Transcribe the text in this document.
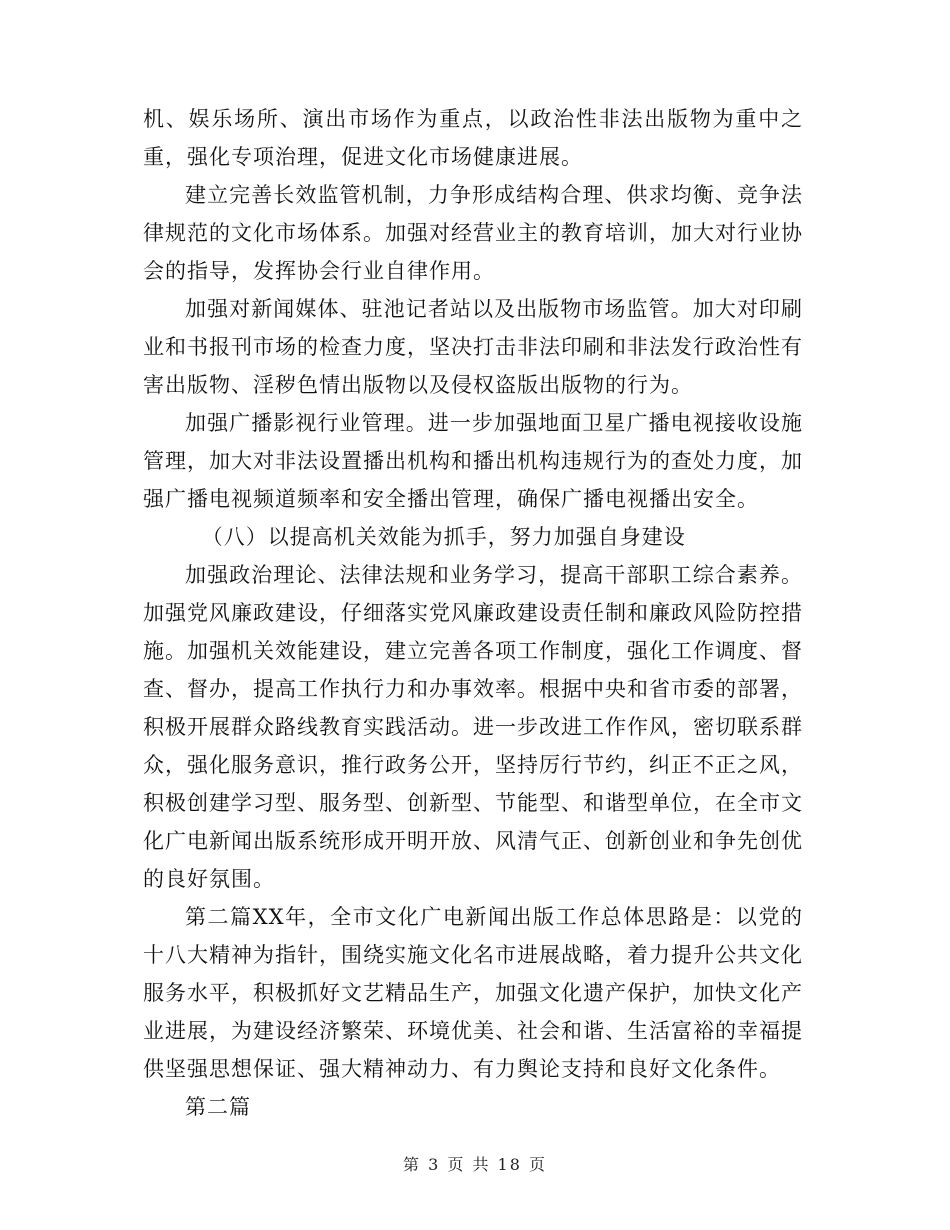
机、娱乐场所、演出市场作为重点，以政治性非法出版物为重中之重，强化专项治理，促进文化市场健康进展。

建立完善长效监管机制，力争形成结构合理、供求均衡、竞争法律规范的文化市场体系。加强对经营业主的教育培训，加大对行业协会的指导，发挥协会行业自律作用。

加强对新闻媒体、驻池记者站以及出版物市场监管。加大对印刷业和书报刊市场的检查力度，坚决打击非法印刷和非法发行政治性有害出版物、淫秽色情出版物以及侵权盗版出版物的行为。

加强广播影视行业管理。进一步加强地面卫星广播电视接收设施管理，加大对非法设置播出机构和播出机构违规行为的查处力度，加强广播电视频道频率和安全播出管理，确保广播电视播出安全。

（八）以提高机关效能为抓手，努力加强自身建设

加强政治理论、法律法规和业务学习，提高干部职工综合素养。加强党风廉政建设，仔细落实党风廉政建设责任制和廉政风险防控措施。加强机关效能建设，建立完善各项工作制度，强化工作调度、督查、督办，提高工作执行力和办事效率。根据中央和省市委的部署，积极开展群众路线教育实践活动。进一步改进工作作风，密切联系群众，强化服务意识，推行政务公开，坚持厉行节约，纠正不正之风，积极创建学习型、服务型、创新型、节能型、和谐型单位，在全市文化广电新闻出版系统形成开明开放、风清气正、创新创业和争先创优的良好氛围。

第二篇XX年，全市文化广电新闻出版工作总体思路是：以党的十八大精神为指针，围绕实施文化名市进展战略，着力提升公共文化服务水平，积极抓好文艺精品生产，加强文化遗产保护，加快文化产业进展，为建设经济繁荣、环境优美、社会和谐、生活富裕的幸福提供坚强思想保证、强大精神动力、有力舆论支持和良好文化条件。

第二篇

第 3 页 共 18 页
